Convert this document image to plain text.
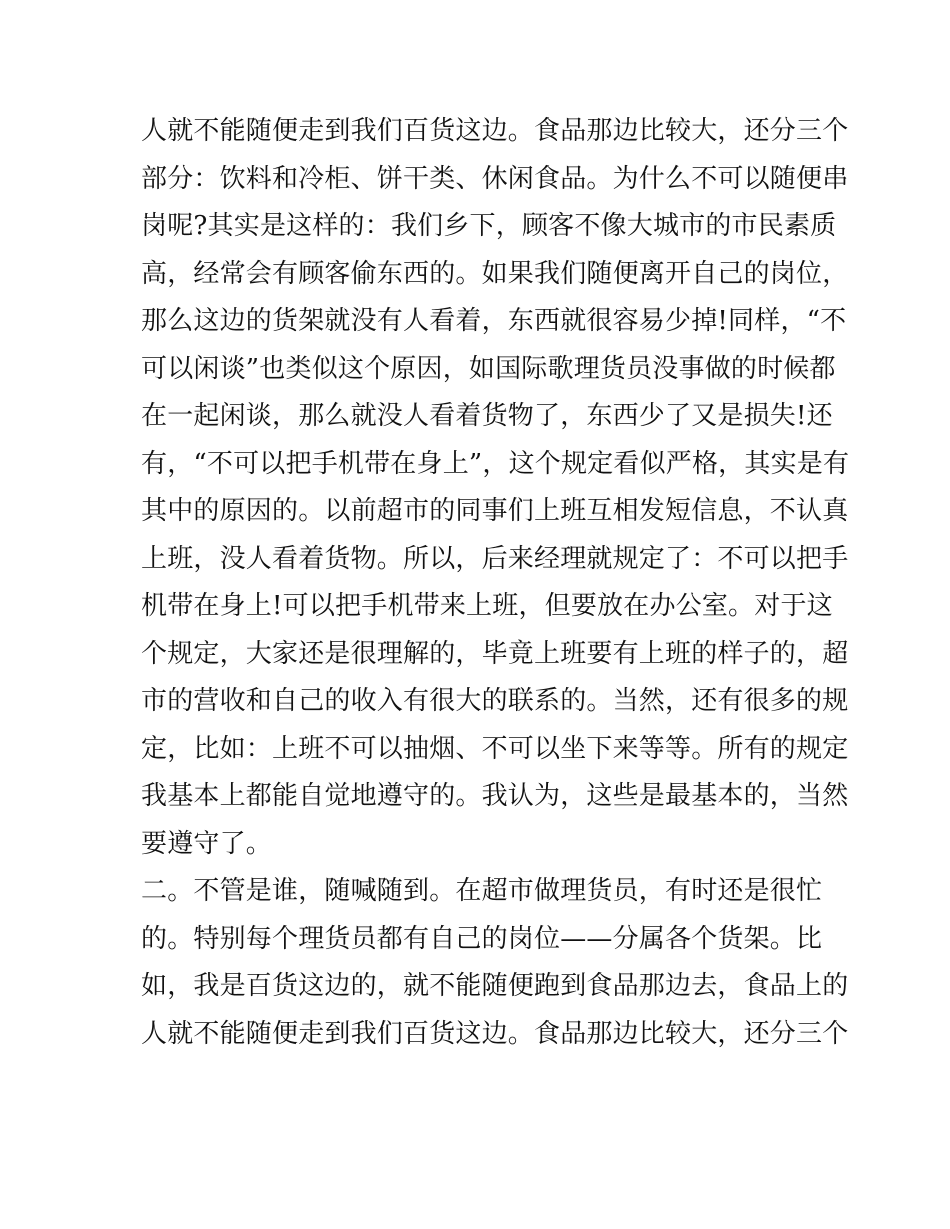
人就不能随便走到我们百货这边。食品那边比较大，还分三个
部分：饮料和冷柜、饼干类、休闲食品。为什么不可以随便串
岗呢?其实是这样的：我们乡下，顾客不像大城市的市民素质
高，经常会有顾客偷东西的。如果我们随便离开自己的岗位，
那么这边的货架就没有人看着，东西就很容易少掉!同样，“不
可以闲谈”也类似这个原因，如国际歌理货员没事做的时候都
在一起闲谈，那么就没人看着货物了，东西少了又是损失!还
有，“不可以把手机带在身上”，这个规定看似严格，其实是有
其中的原因的。以前超市的同事们上班互相发短信息，不认真
上班，没人看着货物。所以，后来经理就规定了：不可以把手
机带在身上!可以把手机带来上班，但要放在办公室。对于这
个规定，大家还是很理解的，毕竟上班要有上班的样子的，超
市的营收和自己的收入有很大的联系的。当然，还有很多的规
定，比如：上班不可以抽烟、不可以坐下来等等。所有的规定
我基本上都能自觉地遵守的。我认为，这些是最基本的，当然
要遵守了。
二。不管是谁，随喊随到。在超市做理货员，有时还是很忙
的。特别每个理货员都有自己的岗位——分属各个货架。比
如，我是百货这边的，就不能随便跑到食品那边去，食品上的
人就不能随便走到我们百货这边。食品那边比较大，还分三个
